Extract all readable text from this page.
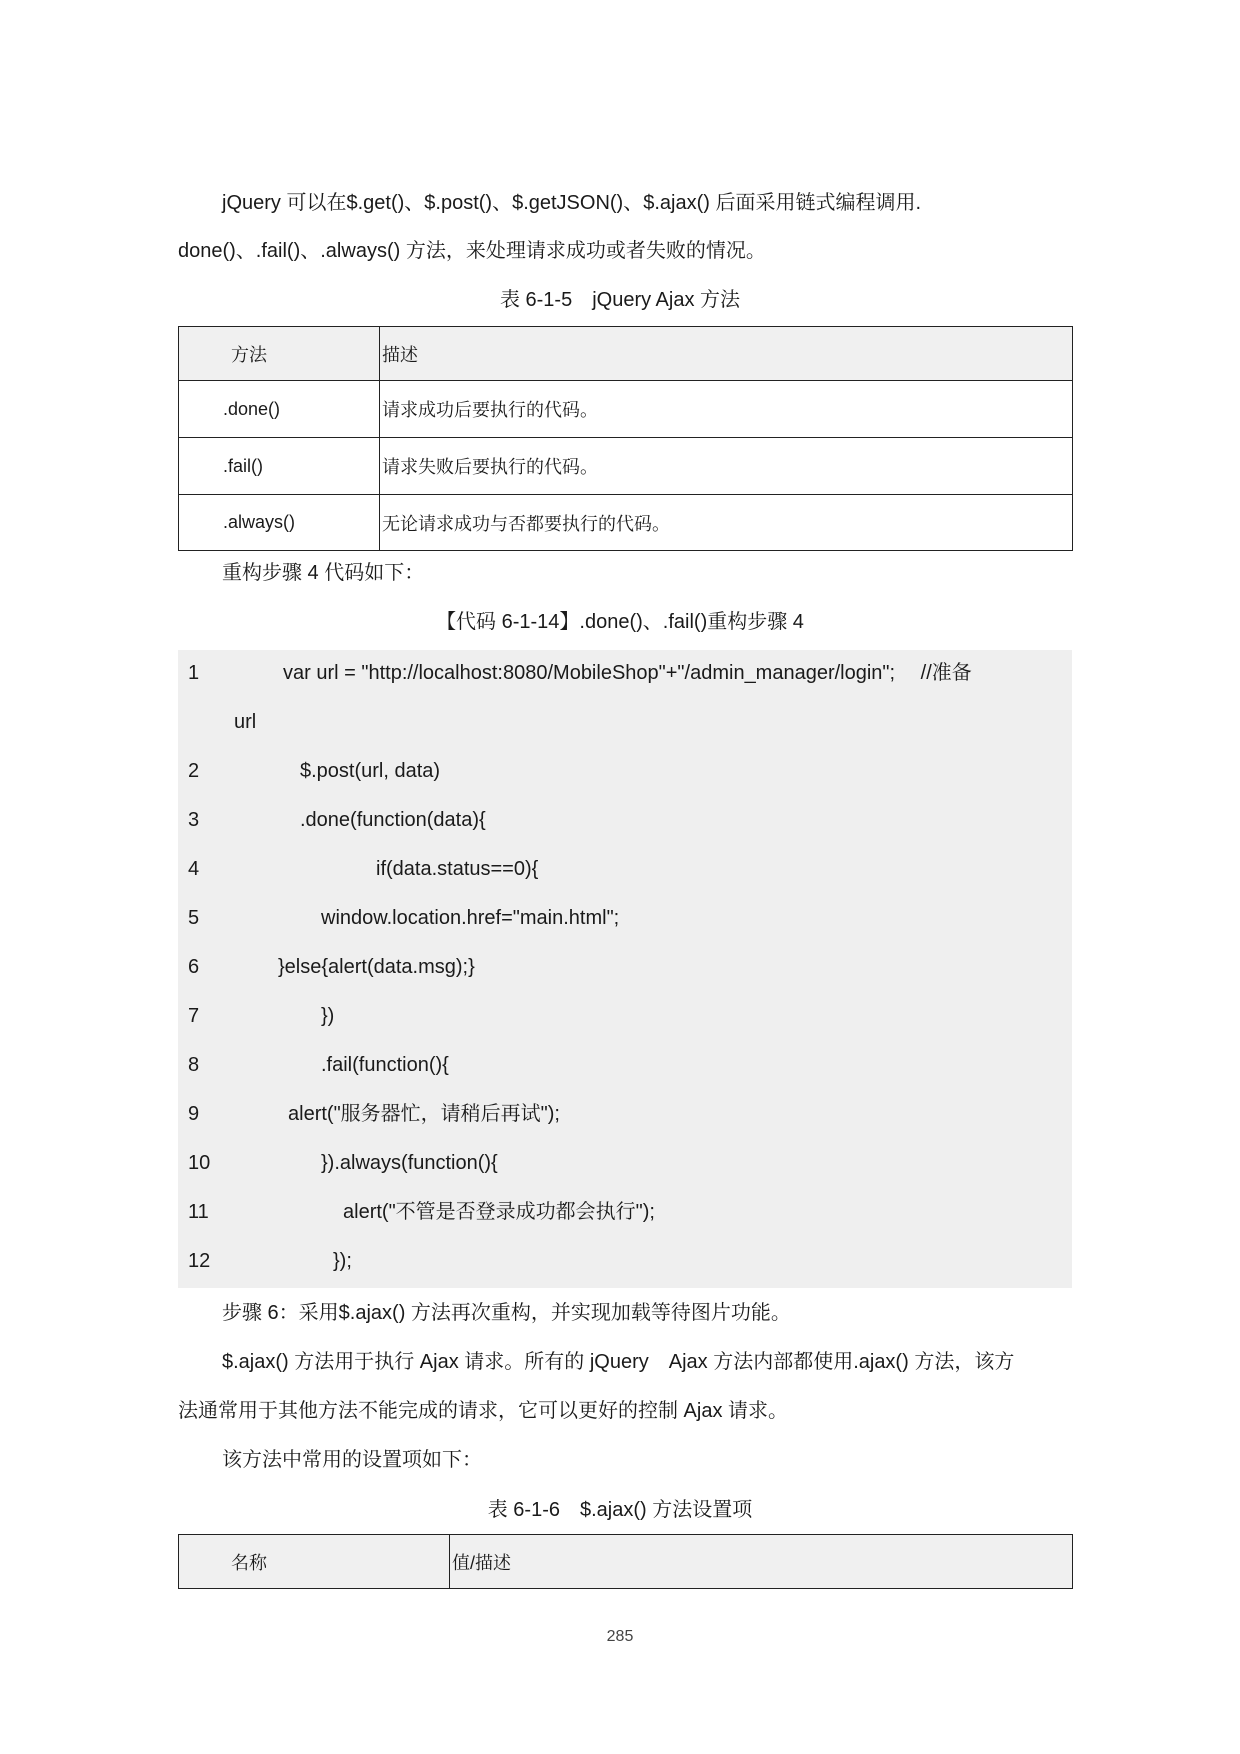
jQuery 可以在$.get()、$.post()、$.getJSON()、$.ajax() 后面采用链式编程调用.
done()、.fail()、.always() 方法，来处理请求成功或者失败的情况。
表 6-1-5　jQuery Ajax 方法
方法	描述
.done()	请求成功后要执行的代码。
.fail()	请求失败后要执行的代码。
.always()	无论请求成功与否都要执行的代码。
重构步骤 4 代码如下：
【代码 6-1-14】.done()、.fail()重构步骤 4
1	var url = "http://localhost:8080/MobileShop"+"/admin_manager/login";　 //准备
url
2	$.post(url, data)
3	.done(function(data){
4	if(data.status==0){
5	window.location.href="main.html";
6	}else{alert(data.msg);}
7	})
8	.fail(function(){
9	alert("服务器忙，请稍后再试");
10	}).always(function(){
11	alert("不管是否登录成功都会执行");
12	});
步骤 6：采用$.ajax() 方法再次重构，并实现加载等待图片功能。
$.ajax() 方法用于执行 Ajax 请求。所有的 jQuery　Ajax 方法内部都使用.ajax() 方法，该方
法通常用于其他方法不能完成的请求，它可以更好的控制 Ajax 请求。
该方法中常用的设置项如下：
表 6-1-6　$.ajax() 方法设置项
名称	值/描述
285
